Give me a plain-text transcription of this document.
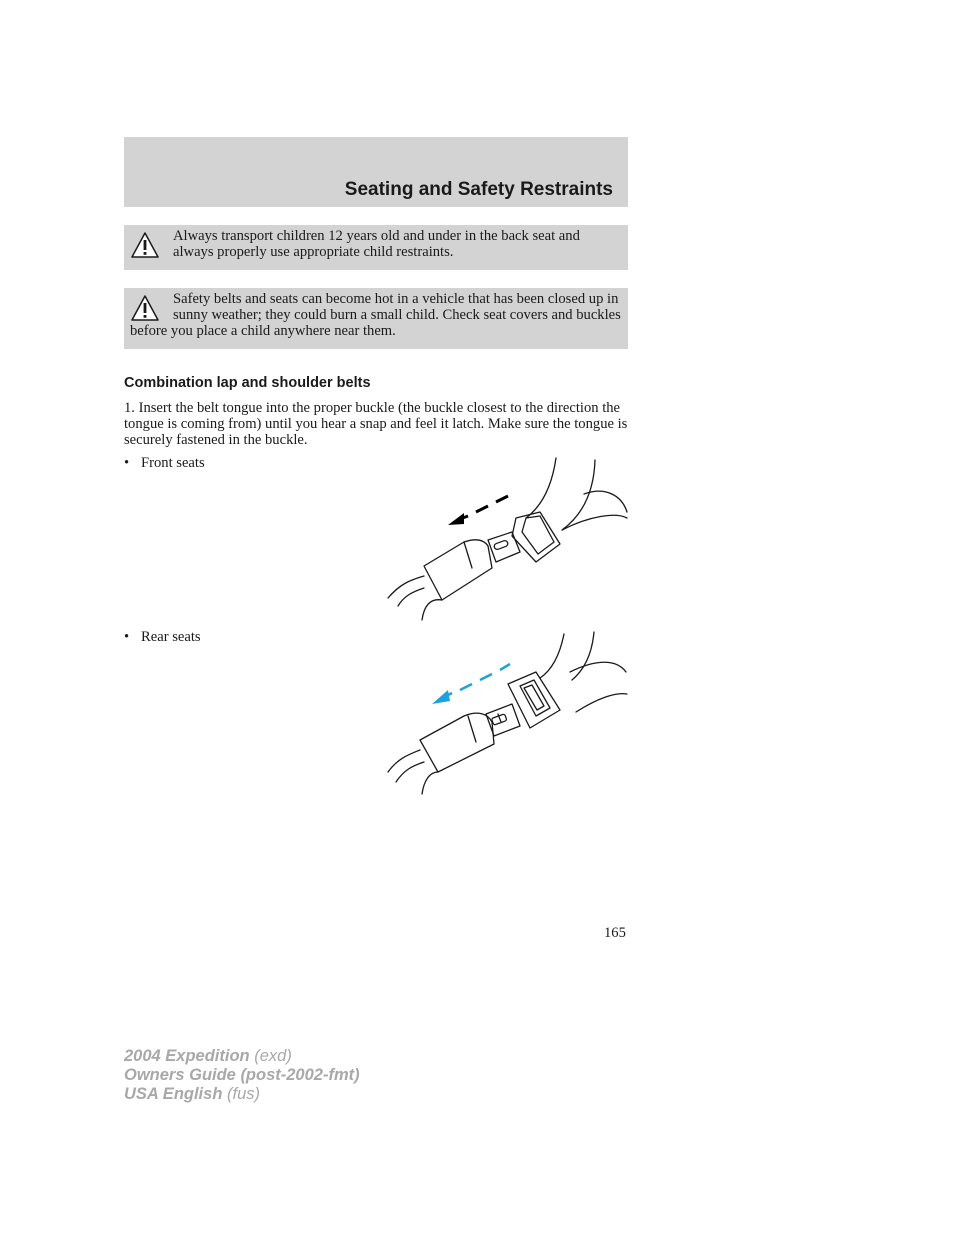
Seating and Safety Restraints
Always transport children 12 years old and under in the back seat and always properly use appropriate child restraints.
Safety belts and seats can become hot in a vehicle that has been closed up in sunny weather; they could burn a small child. Check seat covers and buckles before you place a child anywhere near them.
Combination lap and shoulder belts

1. Insert the belt tongue into the proper buckle (the buckle closest to the direction the tongue is coming from) until you hear a snap and feel it latch. Make sure the tongue is securely fastened in the buckle.

• Front seats
• Rear seats
165
2004 Expedition (exd)
Owners Guide (post-2002-fmt)
USA English (fus)
